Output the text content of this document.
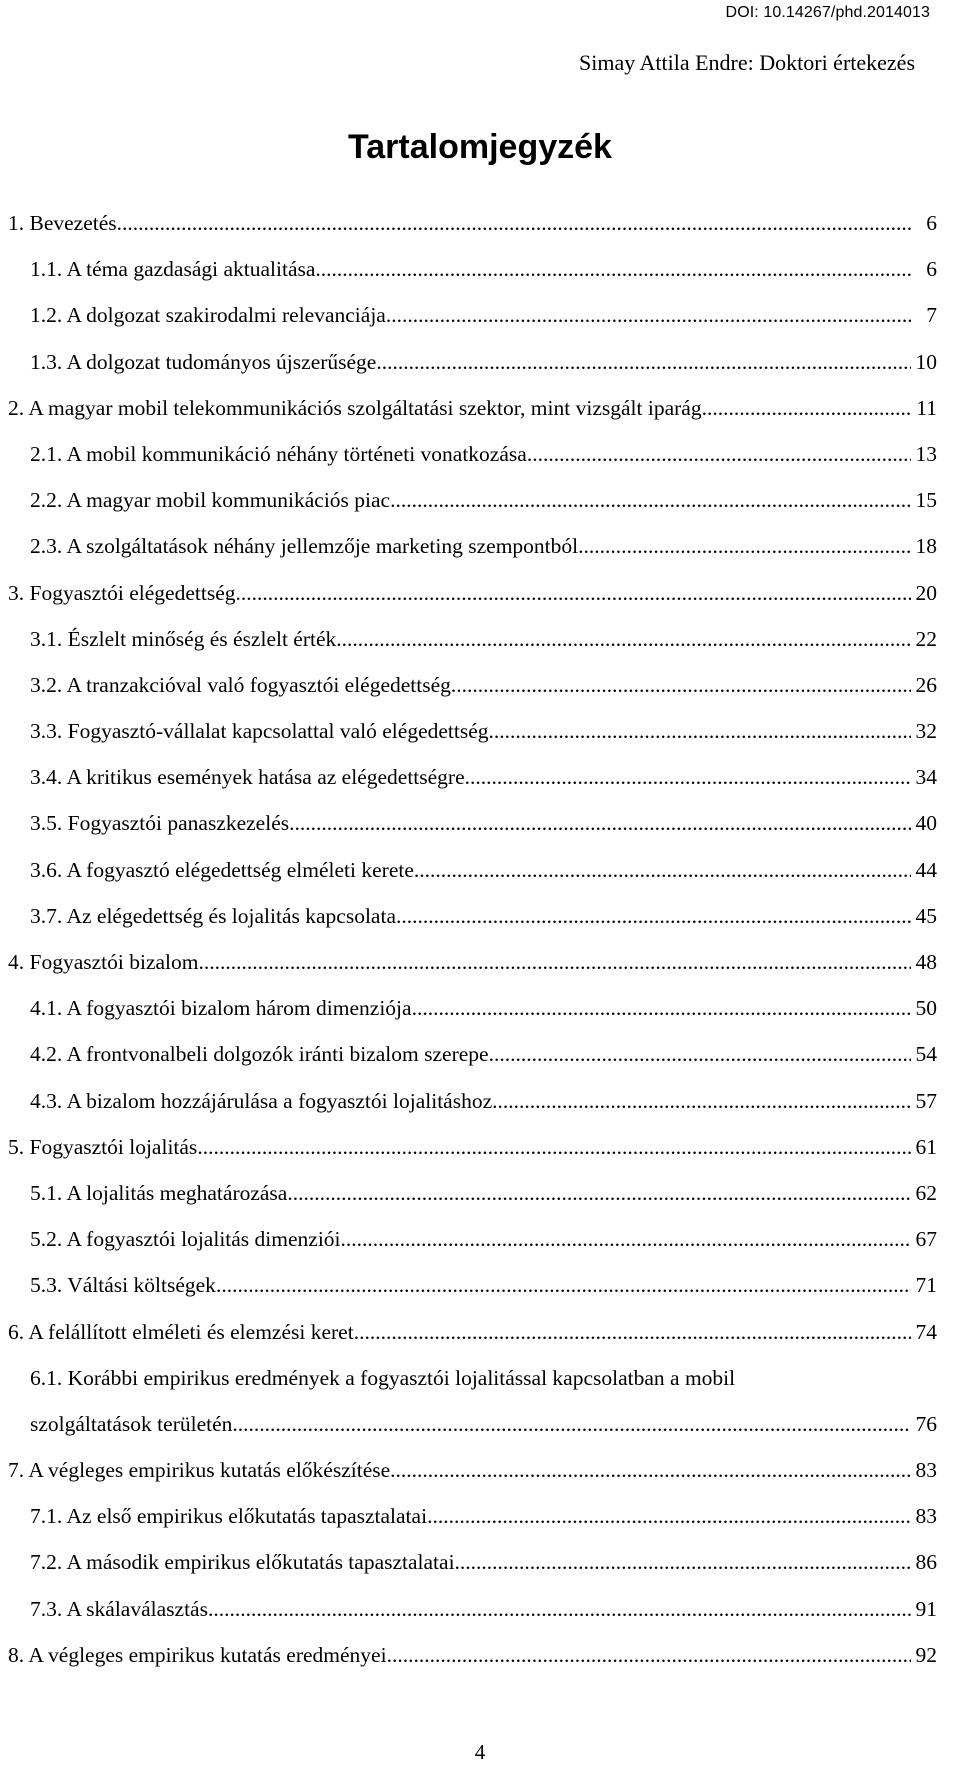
DOI: 10.14267/phd.2014013
Simay Attila Endre: Doktori értekezés
Tartalomjegyzék
1. Bevezetés .....	6
1.1. A téma gazdasági aktualitása .....	6
1.2. A dolgozat szakirodalmi relevanciája .....	7
1.3. A dolgozat tudományos újszerűsége .....	10
2. A magyar mobil telekommunikációs szolgáltatási szektor, mint vizsgált iparág .....	11
2.1. A mobil kommunikáció néhány történeti vonatkozása .....	13
2.2. A magyar mobil kommunikációs piac .....	15
2.3. A szolgáltatások néhány jellemzője marketing szempontból .....	18
3. Fogyasztói elégedettség .....	20
3.1. Észlelt minőség és észlelt érték .....	22
3.2. A tranzakcióval való fogyasztói elégedettség .....	26
3.3. Fogyasztó-vállalat kapcsolattal való elégedettség .....	32
3.4. A kritikus események hatása az elégedettségre .....	34
3.5. Fogyasztói panaszkezelés .....	40
3.6. A fogyasztó elégedettség elméleti kerete .....	44
3.7. Az elégedettség és lojalitás kapcsolata .....	45
4. Fogyasztói bizalom .....	48
4.1. A fogyasztói bizalom három dimenziója .....	50
4.2. A frontvonalbeli dolgozók iránti bizalom szerepe .....	54
4.3. A bizalom hozzájárulása a fogyasztói lojalitáshoz .....	57
5. Fogyasztói lojalitás .....	61
5.1. A lojalitás meghatározása .....	62
5.2. A fogyasztói lojalitás dimenziói .....	67
5.3. Váltási költségek .....	71
6. A felállított elméleti és elemzési keret .....	74
6.1. Korábbi empirikus eredmények a fogyasztói lojalitással kapcsolatban a mobil
szolgáltatások területén .....	76
7. A végleges empirikus kutatás előkészítése .....	83
7.1. Az első empirikus előkutatás tapasztalatai .....	83
7.2. A második empirikus előkutatás tapasztalatai .....	86
7.3. A skálaválasztás .....	91
8. A végleges empirikus kutatás eredményei .....	92
4
